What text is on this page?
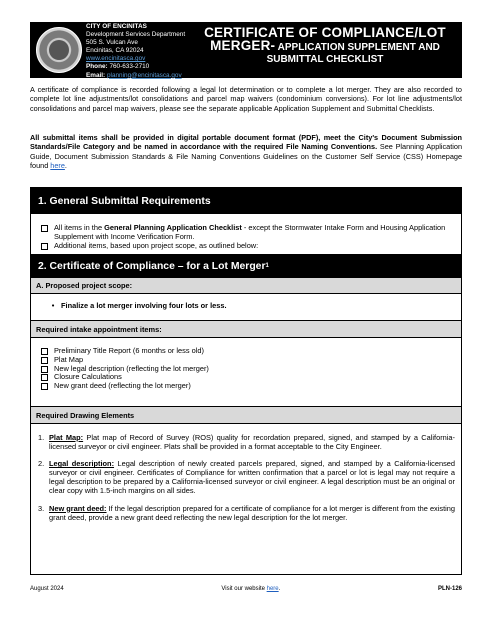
CITY OF ENCINITAS
Development Services Department
505 S. Vulcan Ave
Encinitas, CA 92024
www.encinitasca.gov
Phone: 760-633-2710
Email: planning@encinitasca.gov
CERTIFICATE OF COMPLIANCE/LOT
MERGER- APPLICATION SUPPLEMENT AND
SUBMITTAL CHECKLIST

A certificate of compliance is recorded following a legal lot determination or to complete a lot merger. They are also recorded to complete lot line adjustments/lot consolidations and parcel map waivers (condominium conversions). For lot line adjustments/lot consolidations and parcel map waivers, please see the separate applicable Application Supplement and Submittal Checklists.

All submittal items shall be provided in digital portable document format (PDF), meet the City's Document Submission Standards/File Category and be named in accordance with the required File Naming Conventions. See Planning Application Guide, Document Submission Standards & File Naming Conventions Guidelines on the Customer Self Service (CSS) Homepage found here.

1. General Submittal Requirements
All items in the General Planning Application Checklist - except the Stormwater Intake Form and Housing Application Supplement with Income Verification Form.
Additional items, based upon project scope, as outlined below:
2. Certificate of Compliance – for a Lot Merger 1
A. Proposed project scope:
• Finalize a lot merger involving four lots or less.
Required intake appointment items:
Preliminary Title Report (6 months or less old)
Plat Map
New legal description (reflecting the lot merger)
Closure Calculations
New grant deed (reflecting the lot merger)
Required Drawing Elements
1. Plat Map: Plat map of Record of Survey (ROS) quality for recordation prepared, signed, and stamped by a California-licensed surveyor or civil engineer. Plats shall be provided in a format acceptable to the City Engineer.
2. Legal description: Legal description of newly created parcels prepared, signed, and stamped by a California-licensed surveyor or civil engineer. Certificates of Compliance for written confirmation that a parcel or lot is legal may not require a legal description to be prepared by a California-licensed surveyor or civil engineer. A legal description must be an original or clear copy with 1.5-inch margins on all sides.
3. New grant deed: If the legal description prepared for a certificate of compliance for a lot merger is different from the existing grant deed, provide a new grant deed reflecting the new legal description for the lot merger.
August 2024	Visit our website here.	PLN-126
